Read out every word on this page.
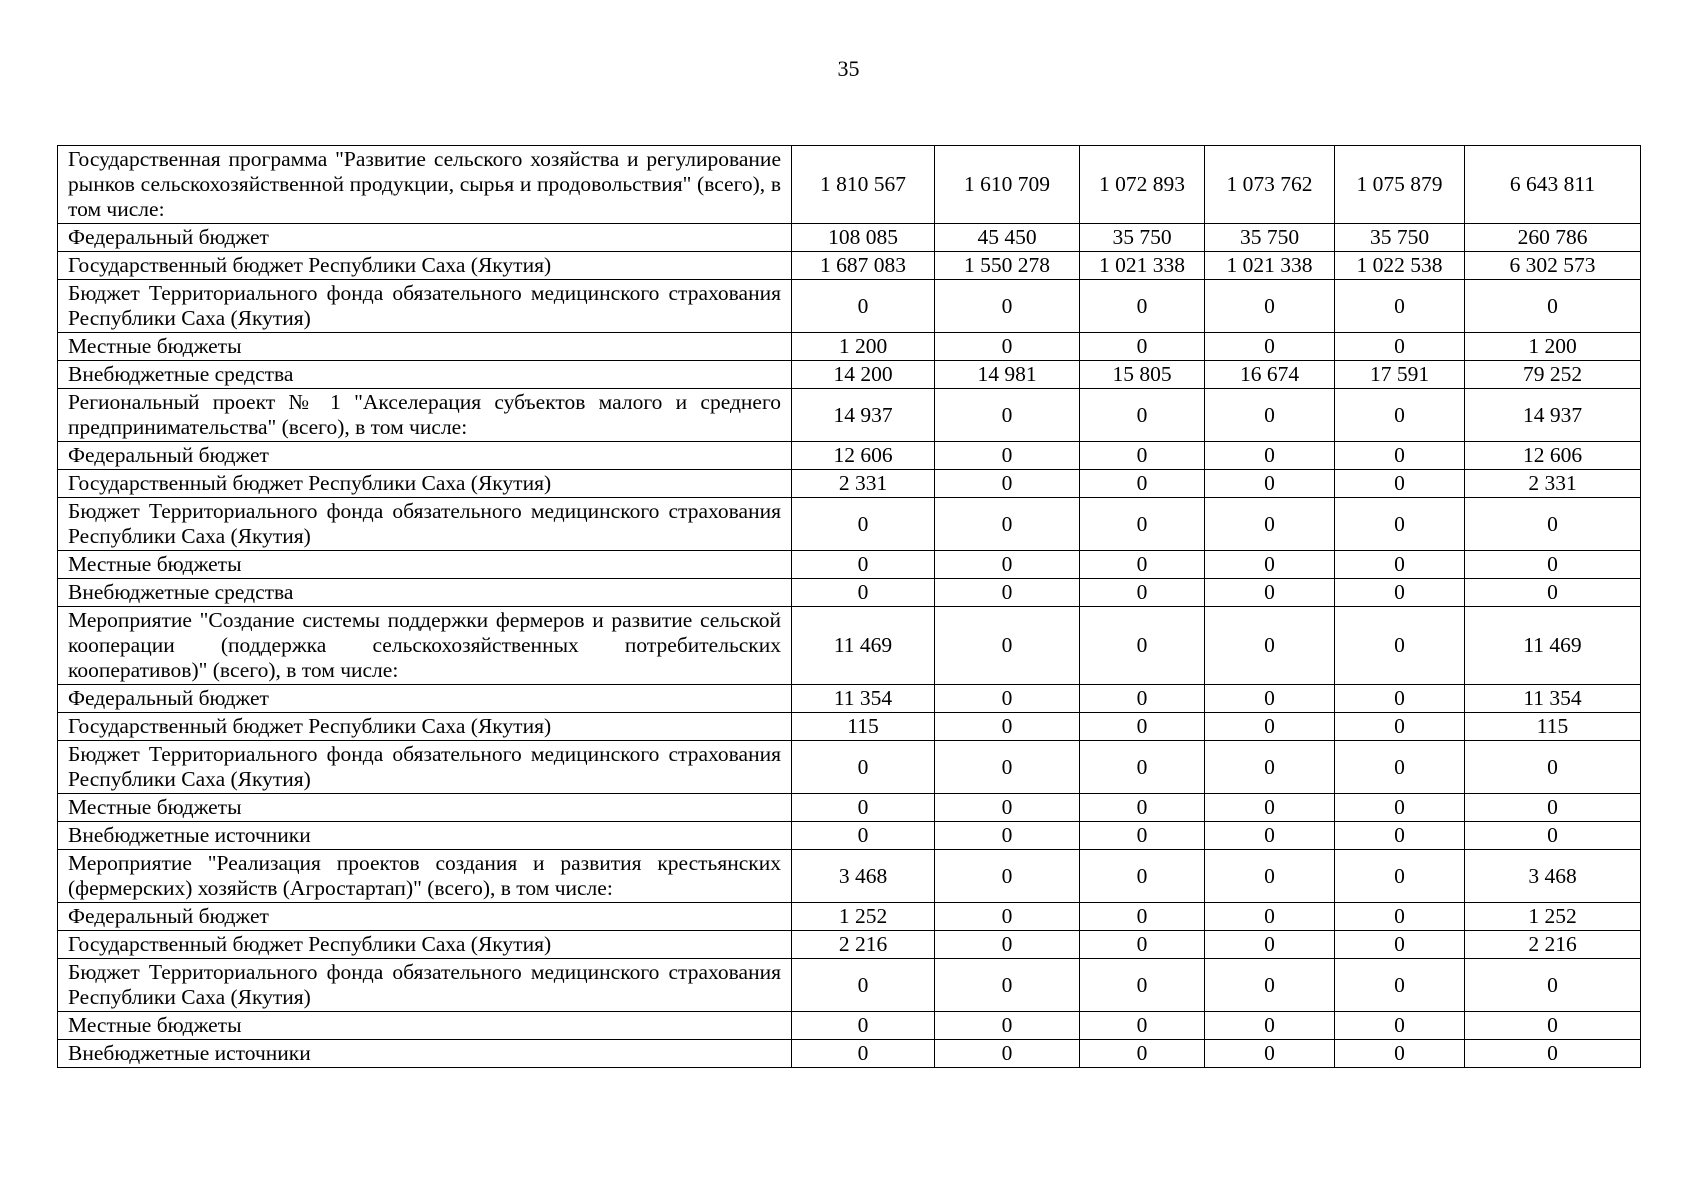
35
Государственная программа "Развитие сельского хозяйства и регулирование рынков сельскохозяйственной продукции, сырья и продовольствия" (всего), в том числе:	1 810 567	1 610 709	1 072 893	1 073 762	1 075 879	6 643 811
Федеральный бюджет	108 085	45 450	35 750	35 750	35 750	260 786
Государственный бюджет Республики Саха (Якутия)	1 687 083	1 550 278	1 021 338	1 021 338	1 022 538	6 302 573
Бюджет Территориального фонда обязательного медицинского страхования Республики Саха (Якутия)	0	0	0	0	0	0
Местные бюджеты	1 200	0	0	0	0	1 200
Внебюджетные средства	14 200	14 981	15 805	16 674	17 591	79 252
Региональный проект № 1 "Акселерация субъектов малого и среднего предпринимательства" (всего), в том числе:	14 937	0	0	0	0	14 937
Федеральный бюджет	12 606	0	0	0	0	12 606
Государственный бюджет Республики Саха (Якутия)	2 331	0	0	0	0	2 331
Бюджет Территориального фонда обязательного медицинского страхования Республики Саха (Якутия)	0	0	0	0	0	0
Местные бюджеты	0	0	0	0	0	0
Внебюджетные средства	0	0	0	0	0	0
Мероприятие "Создание системы поддержки фермеров и развитие сельской кооперации (поддержка сельскохозяйственных потребительских кооперативов)" (всего), в том числе:	11 469	0	0	0	0	11 469
Федеральный бюджет	11 354	0	0	0	0	11 354
Государственный бюджет Республики Саха (Якутия)	115	0	0	0	0	115
Бюджет Территориального фонда обязательного медицинского страхования Республики Саха (Якутия)	0	0	0	0	0	0
Местные бюджеты	0	0	0	0	0	0
Внебюджетные источники	0	0	0	0	0	0
Мероприятие "Реализация проектов создания и развития крестьянских (фермерских) хозяйств (Агростартап)" (всего), в том числе:	3 468	0	0	0	0	3 468
Федеральный бюджет	1 252	0	0	0	0	1 252
Государственный бюджет Республики Саха (Якутия)	2 216	0	0	0	0	2 216
Бюджет Территориального фонда обязательного медицинского страхования Республики Саха (Якутия)	0	0	0	0	0	0
Местные бюджеты	0	0	0	0	0	0
Внебюджетные источники	0	0	0	0	0	0
